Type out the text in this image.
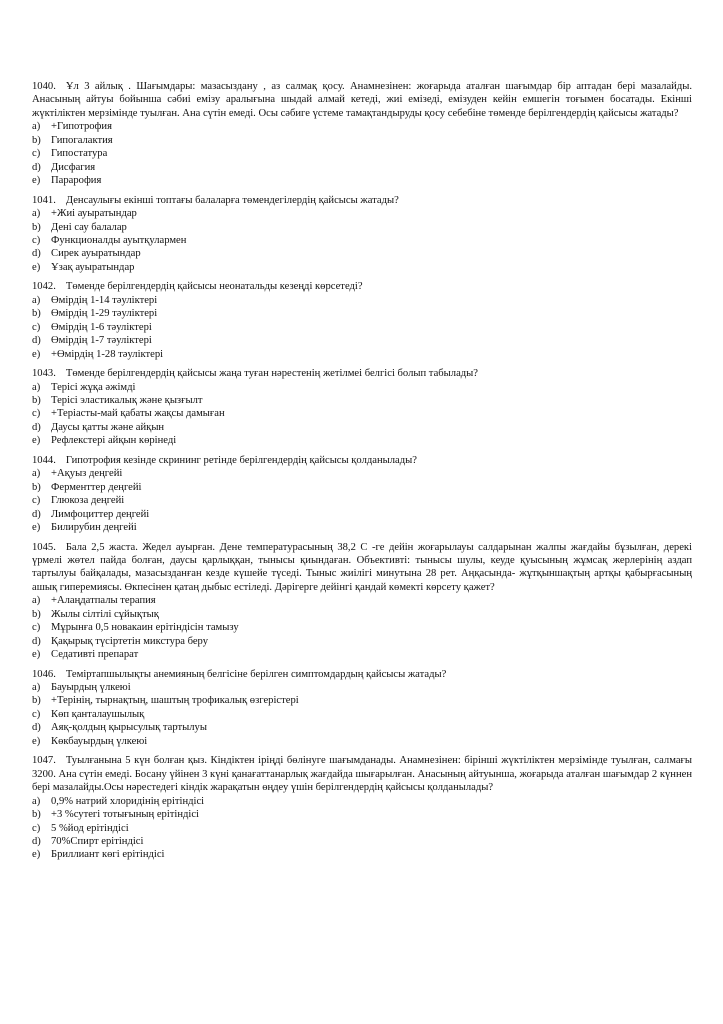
1040. Ұл 3 айлық . Шағымдары: мазасыздану , аз салмақ қосу. Анамнезінен: жоғарыда аталған шағымдар бір аптадан бері мазалайды. Анасының айтуы бойынша сәбиі емізу аралығына шыдай алмай кетеді, жиі емізеді, емізуден кейін емшегін тоғымен босатады. Екінші жүктіліктен мерзімінде туылған. Ана сүтін емеді. Осы сәбиге үстеме тамақтандыруды қосу себебіне төменде берілгендердің қайсысы жатады?

a)	+Гипотрофия
b) Гипогалактия
c)	Гипостатура
d) Дисфагия
e)	Парарофия

1041. Денсаулығы екінші топтағы балаларға төмендегілердің қайсысы жатады?

a)	+Жиі ауыратындар
b) Дені сау балалар
c)	Функционалды ауытқулармен
d) Сирек ауыратындар
e)	Ұзақ ауыратындар

1042. Төменде берілгендердің қайсысы неонатальды кезеңді көрсетеді?

a)	Өмірдің 1-14 тәуліктері
b) Өмірдің 1-29 тәуліктері
c)	Өмірдің 1-6 тәуліктері
d) Өмірдің 1-7 тәуліктері
e)	+Өмірдің 1-28 тәуліктері

1043. Төменде берілгендердің қайсысы жаңа туған нәрестенің жетілмеі белгісі болып табылады?

a)	Терісі жұқа әжімді
b) Терісі эластикалық және қызғылт
c)	+Теріасты-май қабаты жақсы дамыған
d) Даусы қатты және айқын
e)	Рефлекстері айқын көрінеді

1044. Гипотрофия кезінде скрининг ретінде берілгендердің қайсысы қолданылады?

a)	+Ақуыз деңгейі
b) Ферменттер деңгейі
c)	Глюкоза деңгейі
d) Лимфоциттер деңгейі
e)	Билирубин деңгейі

1045. Бала 2,5 жаста. Жедел ауырған. Дене температурасының 38,2 С -ге дейін жоғарылауы салдарынан жалпы жағдайы бұзылған, дерекі үрмелі жөтел пайда болған, даусы қарлыққан, тынысы қиындаған. Объективті: тынысы шулы, кеуде қуысының жұмсақ жерлерінің аздап тартылуы байқалады, мазасызданған кезде күшейе түседі. Тыныс жиілігі минутына 28 рет. Аңқасында- жұтқыншақтың артқы қабырғасының ашық гиперемиясы. Өкпесінен қатаң дыбыс естіледі. Дәрігерге дейінгі қандай көмекті көрсету қажет?

a)	+Алаңдатпалы терапия
b) Жылы сілтілі сұйықтық
c)	Мұрынға 0,5 новакаин ерітіндісін тамызу
d) Қақырық түсіртетін микстура беру
e)	Седативті препарат

1046. Теміртапшылықты анемияның белгісіне берілген симптомдардың қайсысы жатады?

a)	Бауырдың үлкеюі
b) +Терінің, тырнақтың, шаштың трофикалық өзгерістері
c)	Көп қанталаушылық
d) Аяқ-қолдың қырысулық тартылуы
e)	Көкбауырдың үлкеюі

1047. Туылғанына 5 күн болған қыз. Кіндіктен іріңді бөлінуге шағымданады. Анамнезінен: бірінші жүктіліктен мерзімінде туылған, салмағы 3200. Ана сүтін емеді. Босану үйінен 3 күні қанағаттанарлық жағдайда шығарылған. Анасының айтуынша, жоғарыда аталған шағымдар 2 күннен бері мазалайды.Осы нәрестедегі кіндік жарақатын өңдеу үшін берілгендердің қайсысы қолданылады?

a)	0,9% натрий хлоридінің ерітіндісі
b) +3 %сутегі тотығының ерітіндісі
c)	5 %йод ерітіндісі
d) 70%Спирт ерітіндісі
e)	Бриллиант көгі ерітіндісі
